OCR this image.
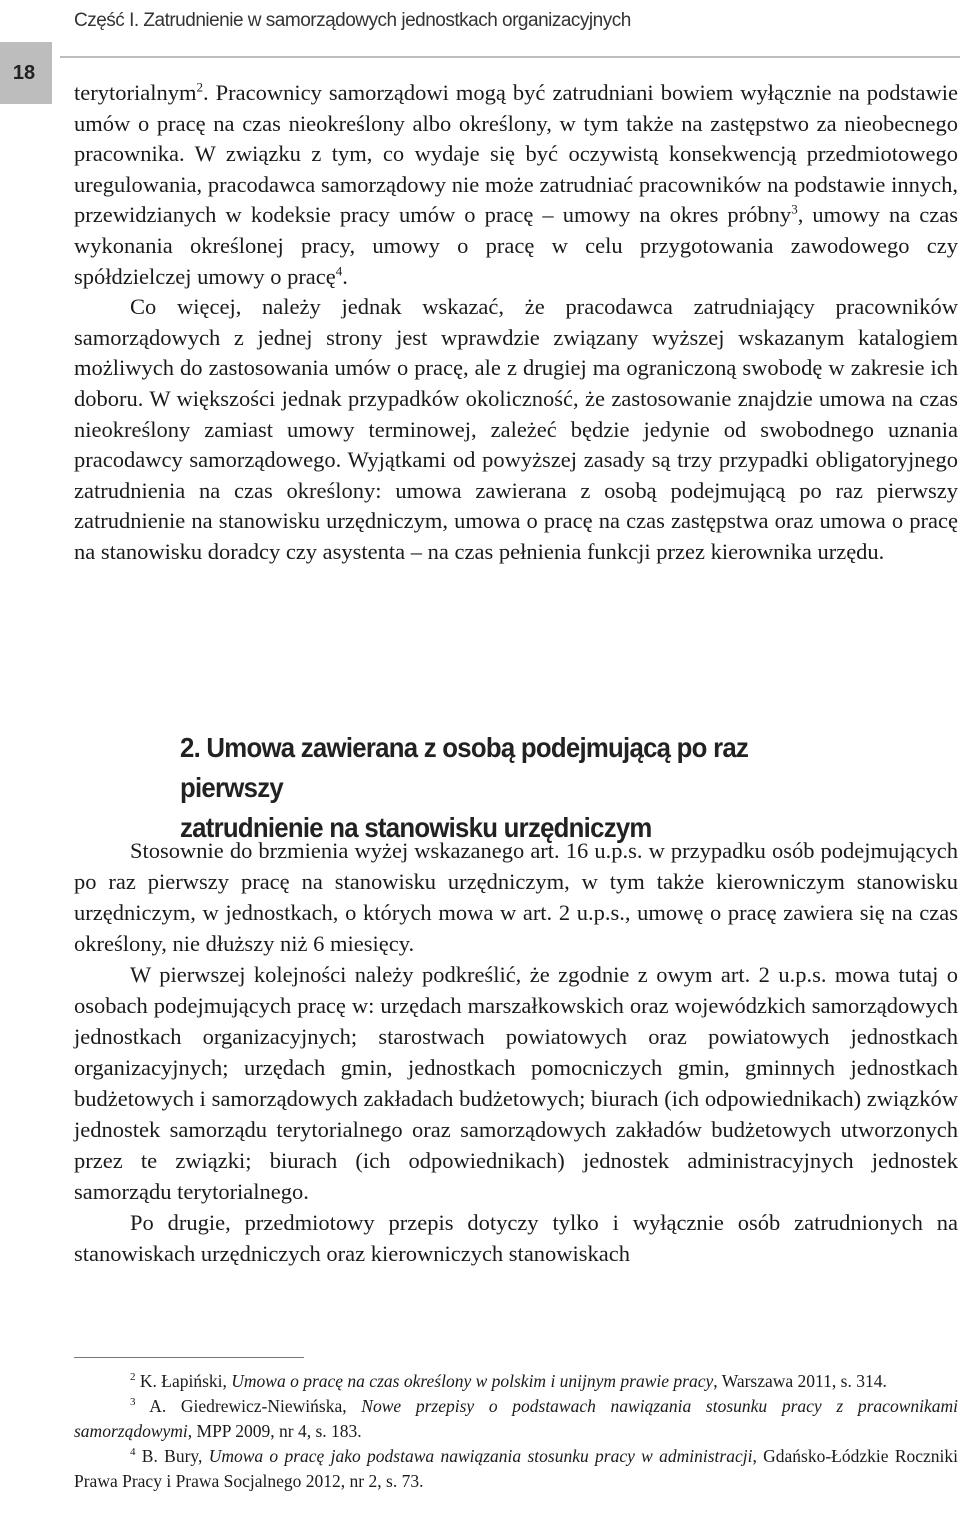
Część I. Zatrudnienie w samorządowych jednostkach organizacyjnych
18

terytorialnym$^2$. Pracownicy samorządowi mogą być zatrudniani bowiem wyłącznie na podstawie umów o pracę na czas nieokreślony albo określony, w tym także na zastępstwo za nieobecnego pracownika. W związku z tym, co wydaje się być oczywistą konsekwencją przedmiotowego uregulowania, pracodawca samorządowy nie może zatrudniać pracowników na podstawie innych, przewidzianych w kodeksie pracy umów o pracę – umowy na okres próbny$^3$, umowy na czas wykonania określonej pracy, umowy o pracę w celu przygotowania zawodowego czy spółdzielczej umowy o pracę$^4$.

Co więcej, należy jednak wskazać, że pracodawca zatrudniający pracowników samorządowych z jednej strony jest wprawdzie związany wyższej wskazanym katalogiem możliwych do zastosowania umów o pracę, ale z drugiej ma ograniczoną swobodę w zakresie ich doboru. W większości jednak przypadków okoliczność, że zastosowanie znajdzie umowa na czas nieokreślony zamiast umowy terminowej, zależeć będzie jedynie od swobodnego uznania pracodawcy samorządowego. Wyjątkami od powyższej zasady są trzy przypadki obligatoryjnego zatrudnienia na czas określony: umowa zawierana z osobą podejmującą po raz pierwszy zatrudnienie na stanowisku urzędniczym, umowa o pracę na czas zastępstwa oraz umowa o pracę na stanowisku doradcy czy asystenta – na czas pełnienia funkcji przez kierownika urzędu.

2. Umowa zawierana z osobą podejmującą po raz pierwszy
zatrudnienie na stanowisku urzędniczym

Stosownie do brzmienia wyżej wskazanego art. 16 u.p.s. w przypadku osób podejmujących po raz pierwszy pracę na stanowisku urzędniczym, w tym także kierowniczym stanowisku urzędniczym, w jednostkach, o których mowa w art. 2 u.p.s., umowę o pracę zawiera się na czas określony, nie dłuższy niż 6 miesięcy.

W pierwszej kolejności należy podkreślić, że zgodnie z owym art. 2 u.p.s. mowa tutaj o osobach podejmujących pracę w: urzędach marszałkowskich oraz wojewódzkich samorządowych jednostkach organizacyjnych; starostwach powiatowych oraz powiatowych jednostkach organizacyjnych; urzędach gmin, jednostkach pomocniczych gmin, gminnych jednostkach budżetowych i samorządowych zakładach budżetowych; biurach (ich odpowiednikach) związków jednostek samorządu terytorialnego oraz samorządowych zakładów budżetowych utworzonych przez te związki; biurach (ich odpowiednikach) jednostek administracyjnych jednostek samorządu terytorialnego.

Po drugie, przedmiotowy przepis dotyczy tylko i wyłącznie osób zatrudnionych na stanowiskach urzędniczych oraz kierowniczych stanowiskach

$^2$ K. Łapiński, Umowa o pracę na czas określony w polskim i unijnym prawie pracy, Warszawa 2011, s. 314.

$^3$ A. Giedrewicz-Niewińska, Nowe przepisy o podstawach nawiązania stosunku pracy z pracownikami samorządowymi, MPP 2009, nr 4, s. 183.

$^4$ B. Bury, Umowa o pracę jako podstawa nawiązania stosunku pracy w administracji, Gdańsko-Łódzkie Roczniki Prawa Pracy i Prawa Socjalnego 2012, nr 2, s. 73.
